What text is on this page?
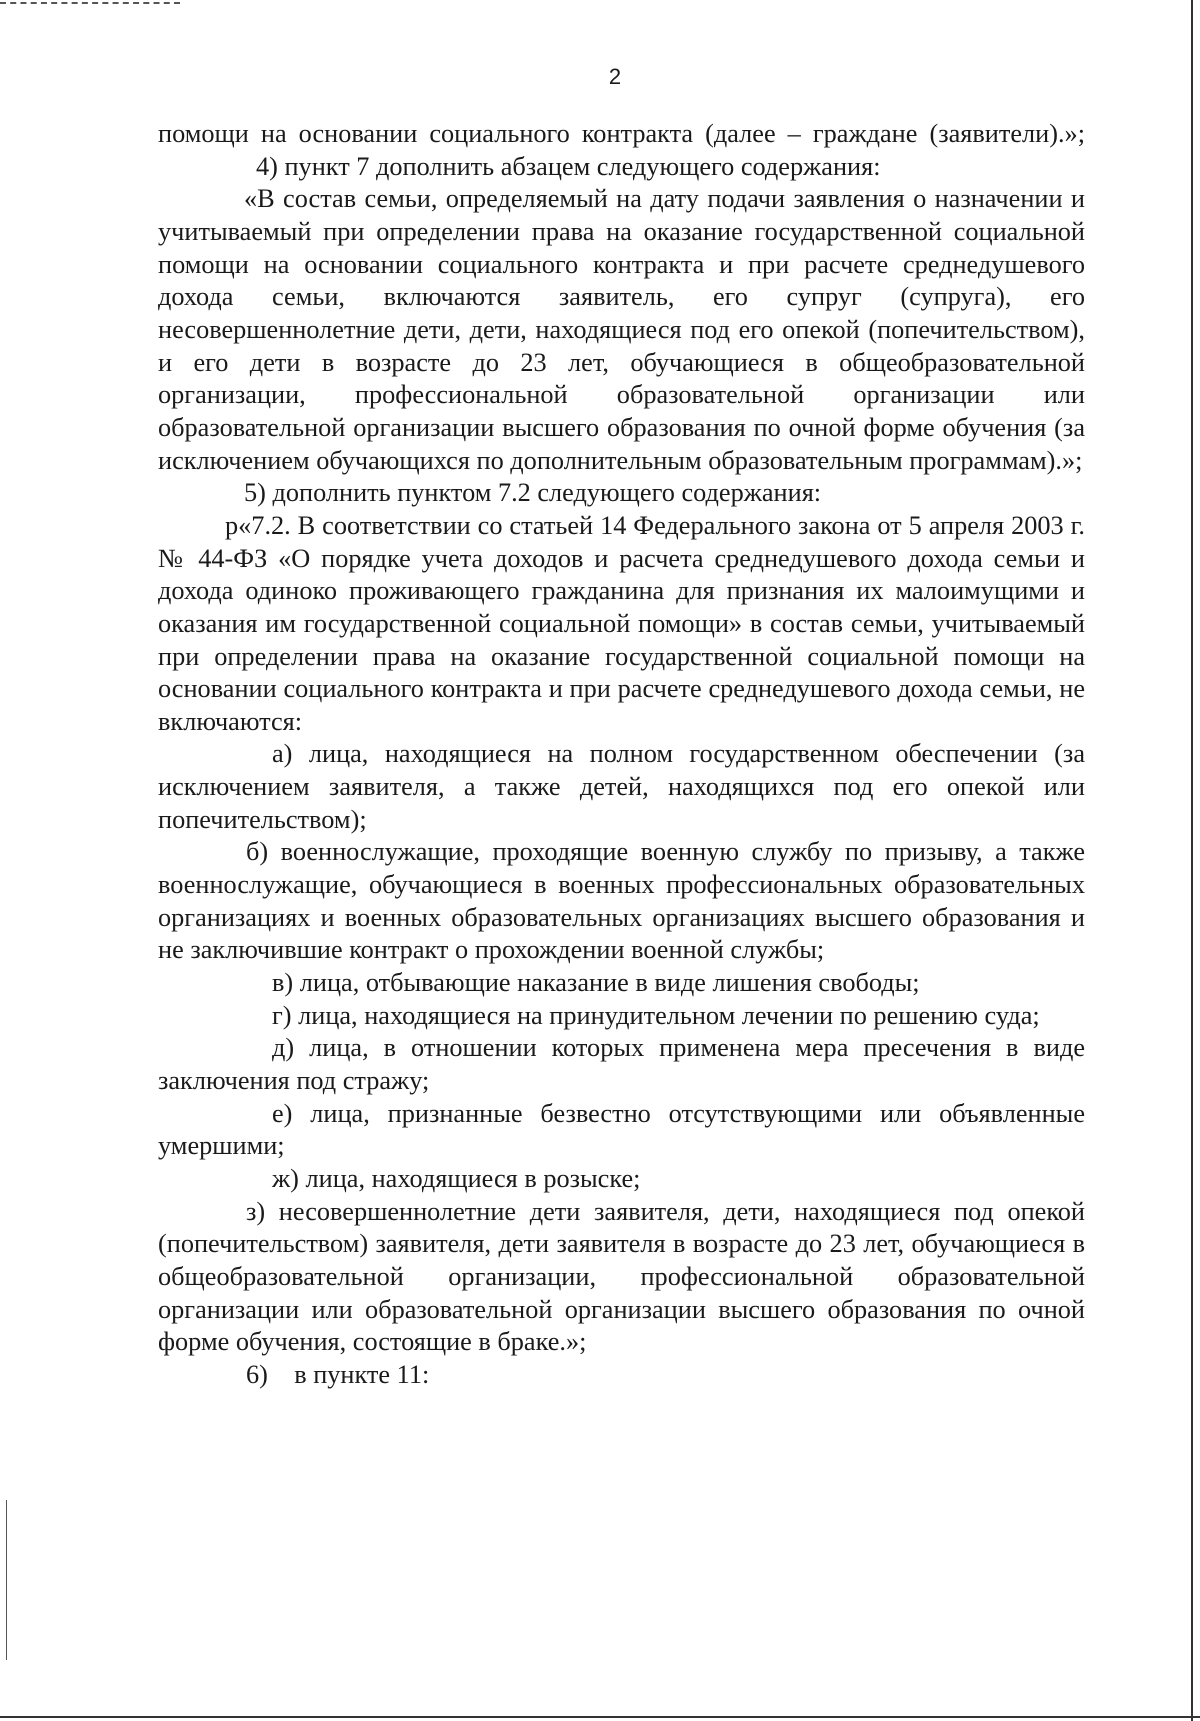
2

помощи на основании социального контракта (далее – граждане (заявители).»;

4) пункт 7 дополнить абзацем следующего содержания:

«В состав семьи, определяемый на дату подачи заявления о назначении и учитываемый при определении права на оказание государственной социальной помощи на основании социального контракта и при расчете среднедушевого дохода семьи, включаются заявитель, его супруг (супруга), его несовершеннолетние дети, дети, находящиеся под его опекой (попечительством), и его дети в возрасте до 23 лет, обучающиеся в общеобразовательной организации, профессиональной образовательной организации или образовательной организации высшего образования по очной форме обучения (за исключением обучающихся по дополнительным образовательным программам).»;

5) дополнить пунктом 7.2 следующего содержания:

р«7.2. В соответствии со статьей 14 Федерального закона от 5 апреля 2003 г. № 44-ФЗ «О порядке учета доходов и расчета среднедушевого дохода семьи и дохода одиноко проживающего гражданина для признания их малоимущими и оказания им государственной социальной помощи» в состав семьи, учитываемый при определении права на оказание государственной социальной помощи на основании социального контракта и при расчете среднедушевого дохода семьи, не включаются:

а) лица, находящиеся на полном государственном обеспечении (за исключением заявителя, а также детей, находящихся под его опекой или попечительством);

б) военнослужащие, проходящие военную службу по призыву, а также военнослужащие, обучающиеся в военных профессиональных образовательных организациях и военных образовательных организациях высшего образования и не заключившие контракт о прохождении военной службы;

в) лица, отбывающие наказание в виде лишения свободы;

г) лица, находящиеся на принудительном лечении по решению суда;

д) лица, в отношении которых применена мера пресечения в виде заключения под стражу;

е) лица, признанные безвестно отсутствующими или объявленные умершими;

ж) лица, находящиеся в розыске;

з) несовершеннолетние дети заявителя, дети, находящиеся под опекой (попечительством) заявителя, дети заявителя в возрасте до 23 лет, обучающиеся в общеобразовательной организации, профессиональной образовательной организации или образовательной организации высшего образования по очной форме обучения, состоящие в браке.»;

6)    в пункте 11:
